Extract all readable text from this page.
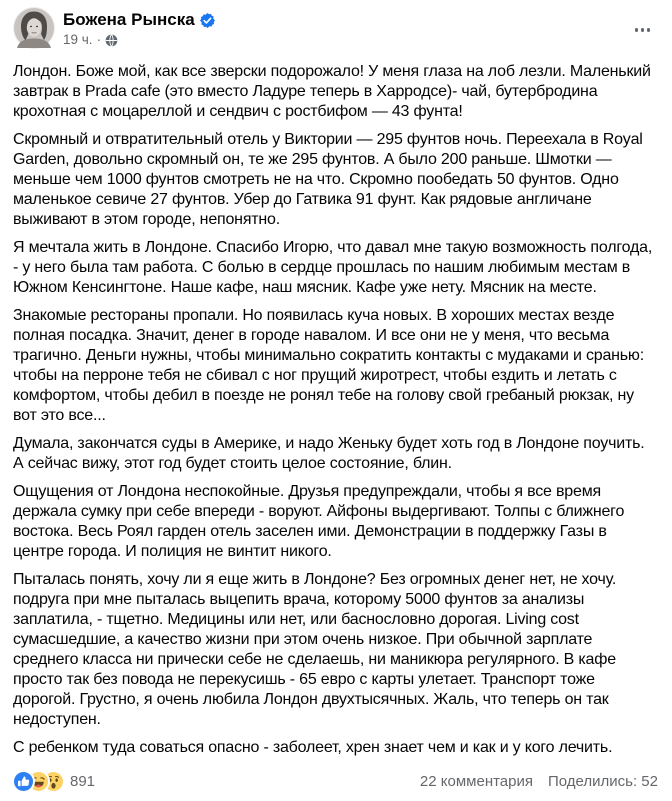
Божена Рынска
19 ч. ·

Лондон. Боже мой, как все зверски подорожало! У меня глаза на лоб лезли. Маленький завтрак в Prada cafe (это вместо Ладуре теперь в Харродсе)- чай, бутербродина крохотная с моцареллой и сендвич с ростбифом — 43 фунта!

Скромный и отвратительный отель у Виктории — 295 фунтов ночь. Переехала в Royal Garden, довольно скромный он, те же 295 фунтов. А было 200 раньше. Шмотки — меньше чем 1000 фунтов смотреть не на что. Скромно пообедать 50 фунтов. Одно маленькое севиче 27 фунтов. Убер до Гатвика 91 фунт. Как рядовые англичане выживают в этом городе, непонятно.

Я мечтала жить в Лондоне. Спасибо Игорю, что давал мне такую возможность полгода, - у него была там работа. С болью в сердце прошлась по нашим любимым местам в Южном Кенсингтоне. Наше кафе, наш мясник. Кафе уже нету. Мясник на месте.

Знакомые рестораны пропали. Но появилась куча новых. В хороших местах везде полная посадка. Значит, денег в городе навалом. И все они не у меня, что весьма трагично. Деньги нужны, чтобы минимально сократить контакты с мудаками и сранью: чтобы на перроне тебя не сбивал с ног прущий жиротрест, чтобы ездить и летать с комфортом, чтобы дебил в поезде не ронял тебе на голову свой гребаный рюкзак, ну вот это все...

Думала, закончатся суды в Америке, и надо Женьку будет хоть год в Лондоне поучить. А сейчас вижу, этот год будет стоить целое состояние, блин.

Ощущения от Лондона неспокойные. Друзья предупреждали, чтобы я все время держала сумку при себе впереди - воруют. Айфоны выдергивают. Толпы с ближнего востока. Весь Роял гарден отель заселен ими. Демонстрации в поддержку Газы в центре города. И полиция не винтит никого.

Пыталась понять, хочу ли я еще жить в Лондоне? Без огромных денег нет, не хочу. подруга при мне пыталась выцепить врача, которому 5000 фунтов за анализы заплатила, - тщетно. Медицины или нет, или баснословно дорогая. Living cost сумасшедшие, а качество жизни при этом очень низкое. При обычной зарплате среднего класса ни прически себе не сделаешь, ни маникюра регулярного. В кафе просто так без повода не перекусишь - 65 евро с карты улетает. Транспорт тоже дорогой. Грустно, я очень любила Лондон двухтысячных. Жаль, что теперь он так недоступен.

С ребенком туда соваться опасно - заболеет, хрен знает чем и как и у кого лечить.

891	22 комментария Поделились: 52
